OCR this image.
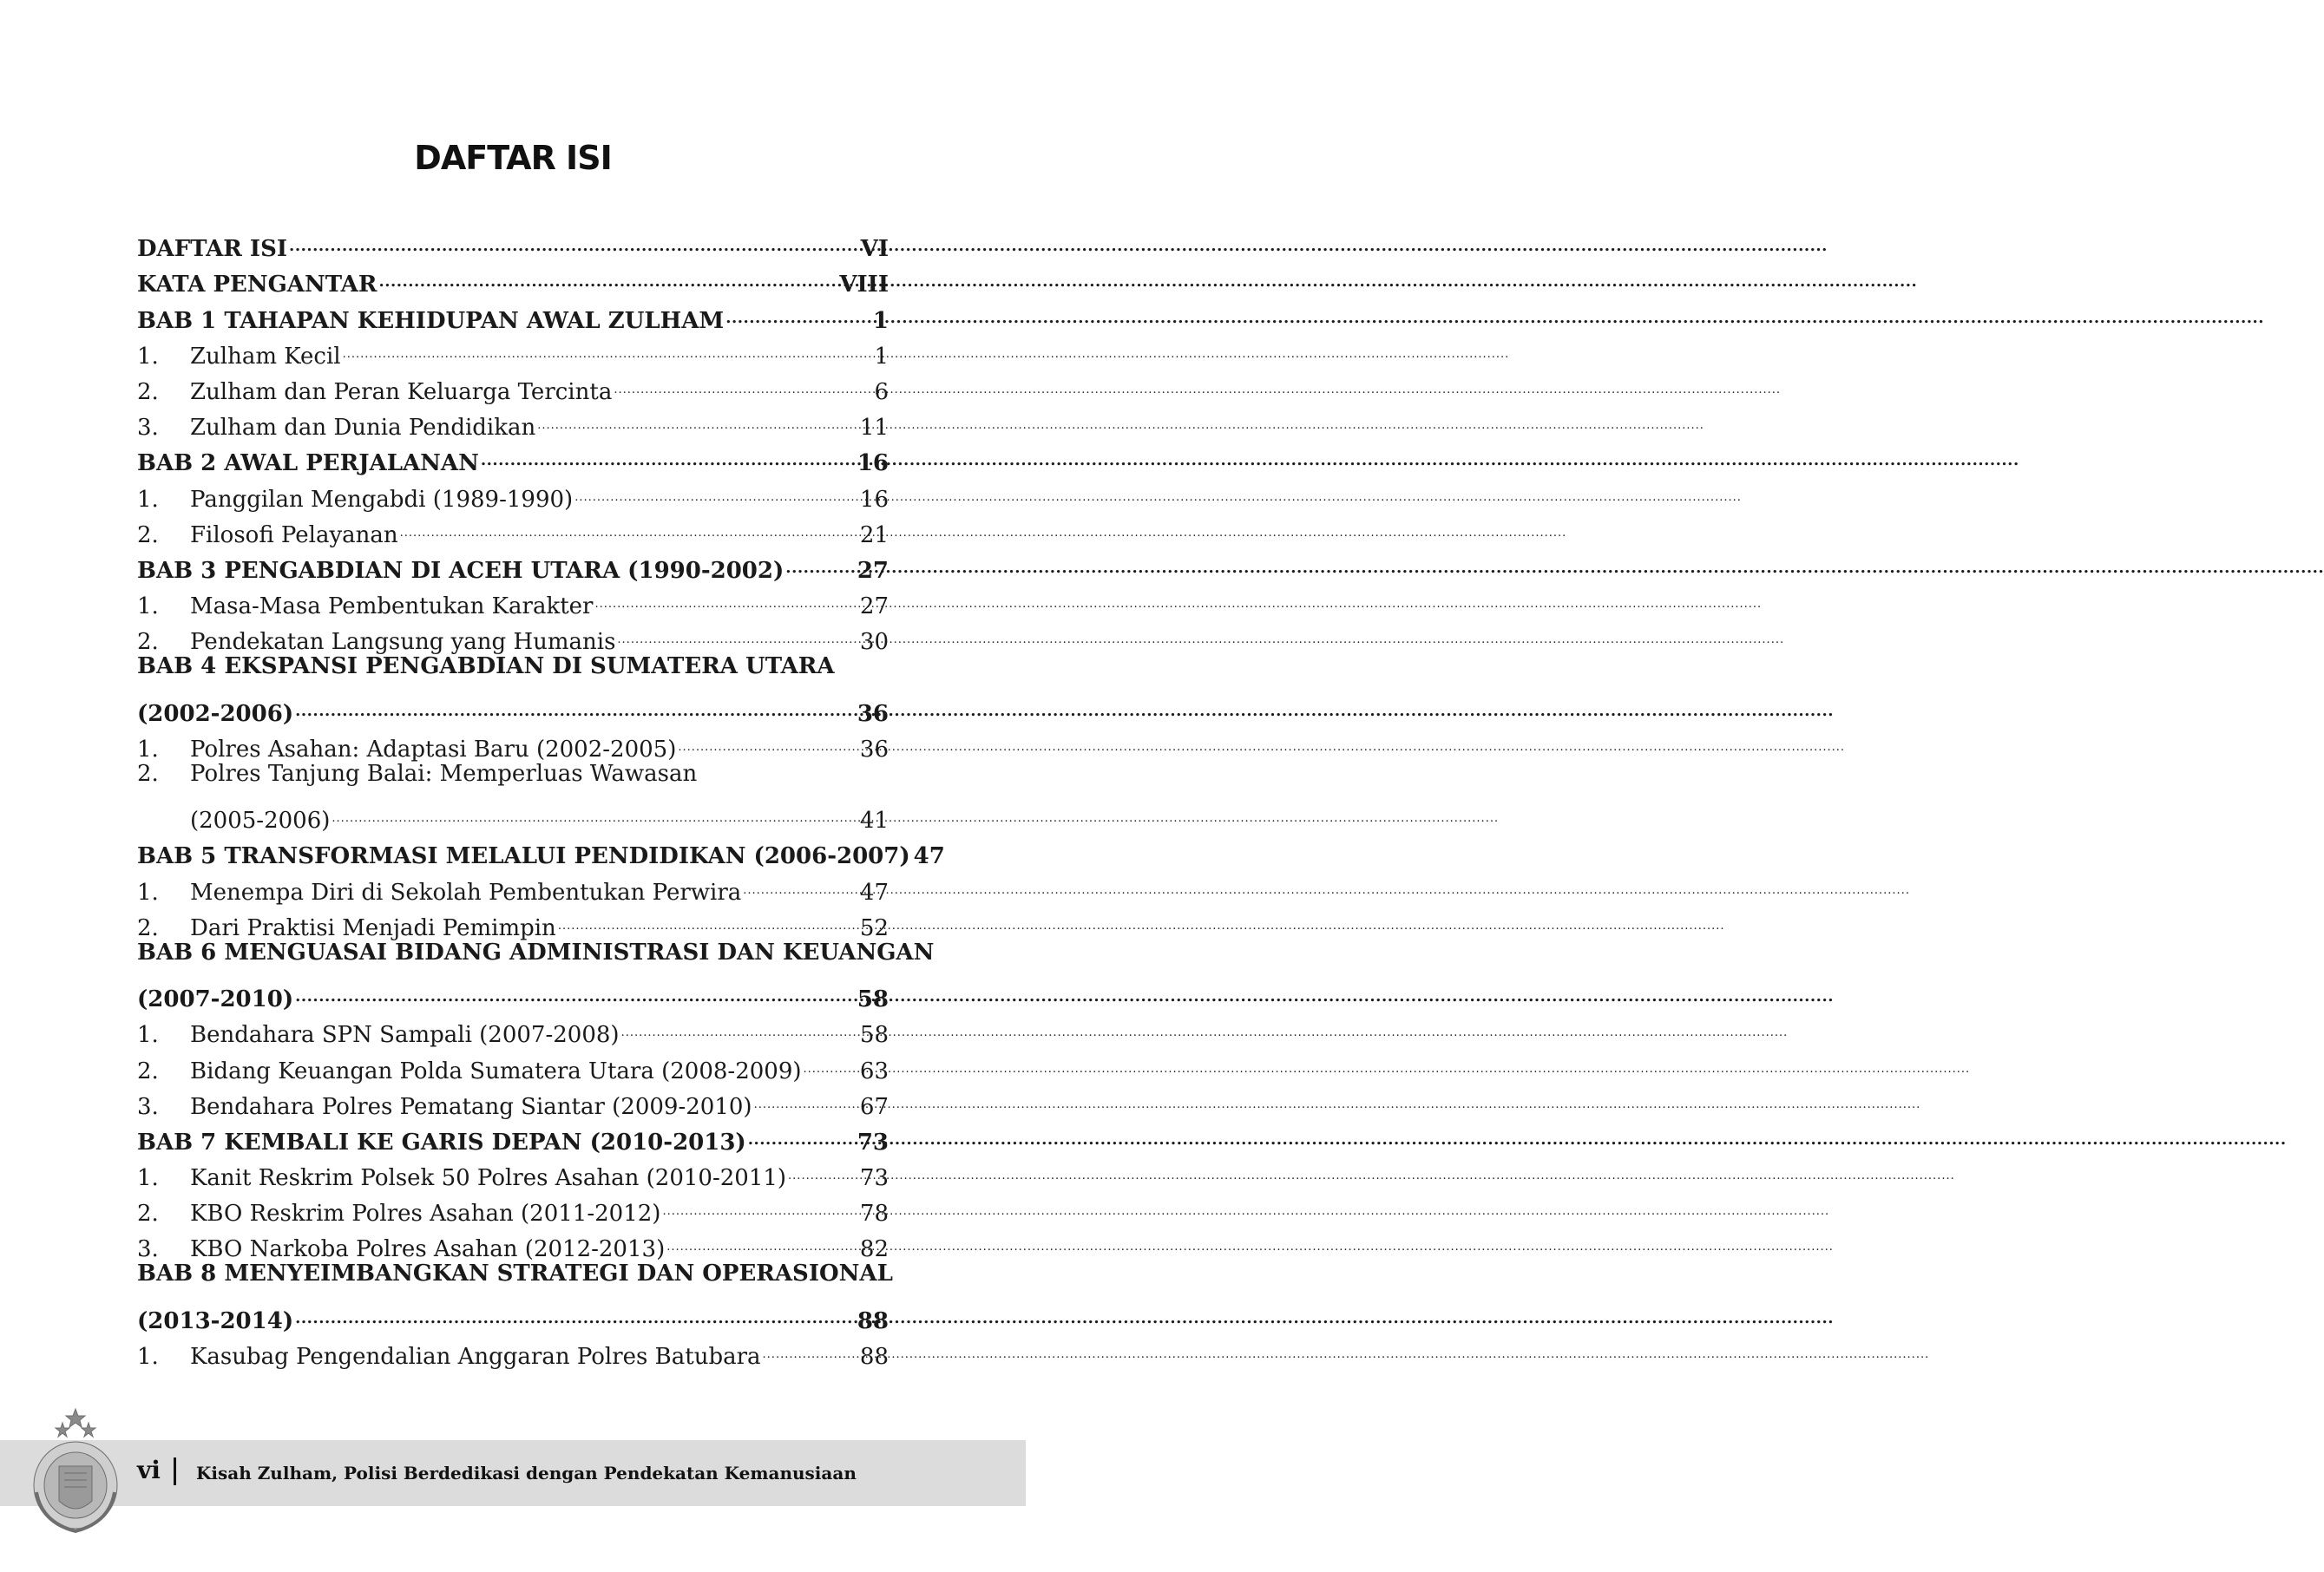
DAFTAR ISI
DAFTAR ISI .....	VI
KATA PENGANTAR .....	VIII
BAB 1 TAHAPAN KEHIDUPAN AWAL ZULHAM .....	1
1.	Zulham Kecil .....	1
2.	Zulham dan Peran Keluarga Tercinta .....	6
3.	Zulham dan Dunia Pendidikan .....	11
BAB 2 AWAL PERJALANAN .....	16
1.	Panggilan Mengabdi (1989-1990) .....	16
2.	Filosofi Pelayanan .....	21
BAB 3 PENGABDIAN DI ACEH UTARA (1990-2002) .....	27
1.	Masa-Masa Pembentukan Karakter .....	27
2.	Pendekatan Langsung yang Humanis .....	30
BAB 4 EKSPANSI PENGABDIAN DI SUMATERA UTARA
(2002-2006) .....	36
1.	Polres Asahan: Adaptasi Baru (2002-2005) .....	36
2.	Polres Tanjung Balai: Memperluas Wawasan
(2005-2006) .....	41
BAB 5 TRANSFORMASI MELALUI PENDIDIKAN (2006-2007) 47
1.	Menempa Diri di Sekolah Pembentukan Perwira .....	47
2.	Dari Praktisi Menjadi Pemimpin .....	52
BAB 6 MENGUASAI BIDANG ADMINISTRASI DAN KEUANGAN
(2007-2010) .....	58
1.	Bendahara SPN Sampali (2007-2008) .....	58
2.	Bidang Keuangan Polda Sumatera Utara (2008-2009) .....	63
3.	Bendahara Polres Pematang Siantar (2009-2010) .....	67
BAB 7 KEMBALI KE GARIS DEPAN (2010-2013) .....	73
1.	Kanit Reskrim Polsek 50 Polres Asahan (2010-2011) .....	73
2.	KBO Reskrim Polres Asahan (2011-2012) .....	78
3.	KBO Narkoba Polres Asahan (2012-2013) .....	82
BAB 8 MENYEIMBANGKAN STRATEGI DAN OPERASIONAL
(2013-2014) .....	88
1.	Kasubag Pengendalian Anggaran Polres Batubara .....	88
vi Kisah Zulham, Polisi Berdedikasi dengan Pendekatan Kemanusiaan
